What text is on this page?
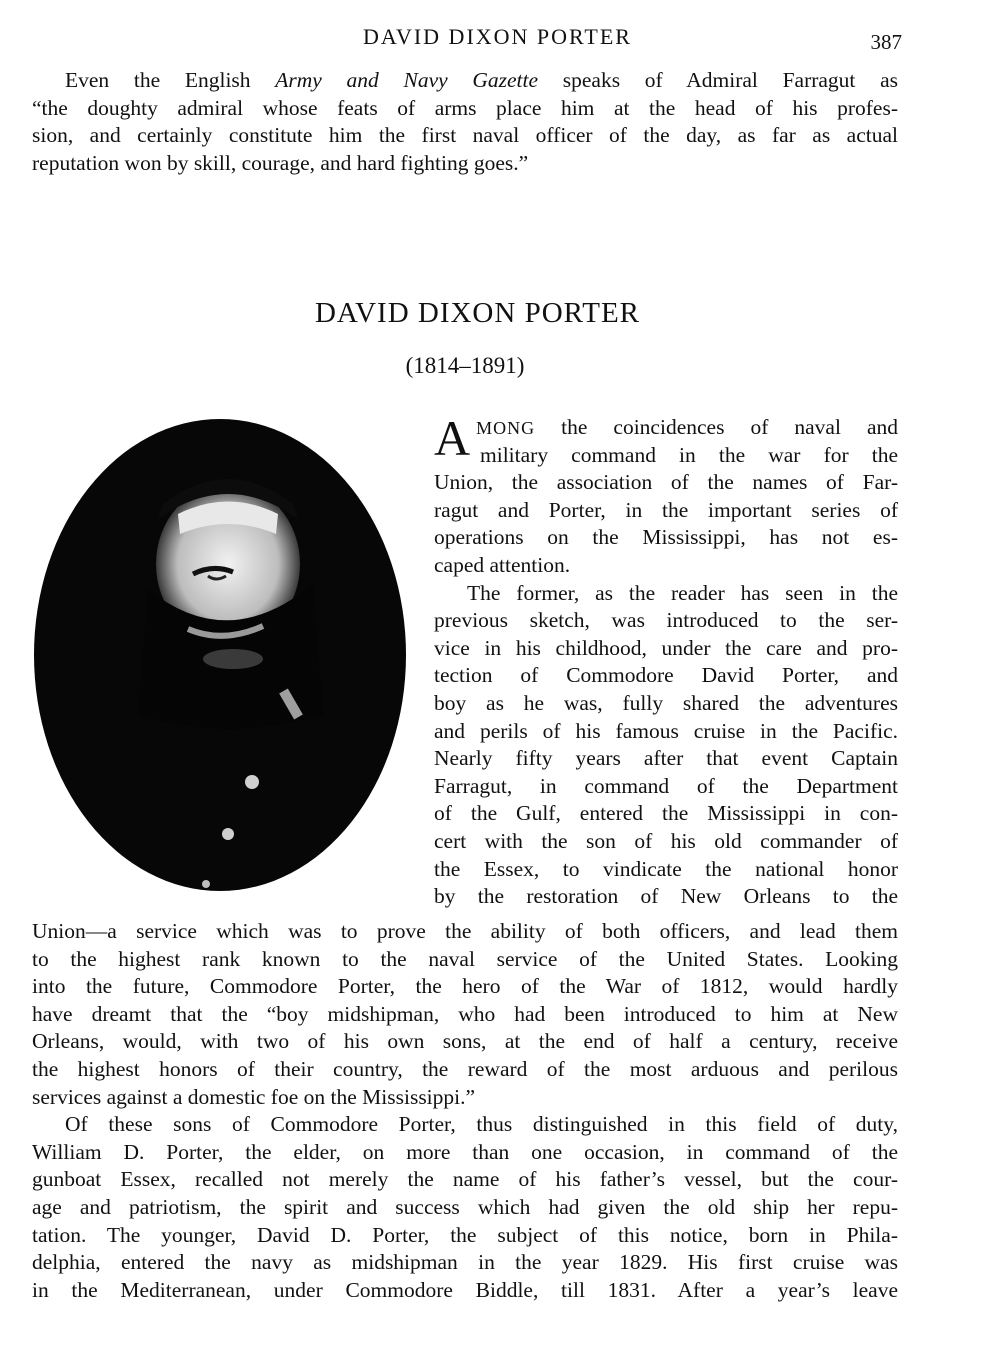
DAVID DIXON PORTER	387
Even the English Army and Navy Gazette speaks of Admiral Farragut as
“the doughty admiral whose feats of arms place him at the head of his profes-
sion, and certainly constitute him the first naval officer of the day, as far as actual
reputation won by skill, courage, and hard fighting goes.”
DAVID DIXON PORTER
(1814–1891)
AMONG the coincidences of naval and
military command in the war for the
Union, the association of the names of Far-
ragut and Porter, in the important series of
operations on the Mississippi, has not es-
caped attention.
The former, as the reader has seen in the
previous sketch, was introduced to the ser-
vice in his childhood, under the care and pro-
tection of Commodore David Porter, and
boy as he was, fully shared the adventures
and perils of his famous cruise in the Pacific.
Nearly fifty years after that event Captain
Farragut, in command of the Department
of the Gulf, entered the Mississippi in con-
cert with the son of his old commander of
the Essex, to vindicate the national honor
by the restoration of New Orleans to the
Union—a service which was to prove the ability of both officers, and lead them
to the highest rank known to the naval service of the United States. Looking
into the future, Commodore Porter, the hero of the War of 1812, would hardly
have dreamt that the “boy midshipman, who had been introduced to him at New
Orleans, would, with two of his own sons, at the end of half a century, receive
the highest honors of their country, the reward of the most arduous and perilous
services against a domestic foe on the Mississippi.”
Of these sons of Commodore Porter, thus distinguished in this field of duty,
William D. Porter, the elder, on more than one occasion, in command of the
gunboat Essex, recalled not merely the name of his father’s vessel, but the cour-
age and patriotism, the spirit and success which had given the old ship her repu-
tation. The younger, David D. Porter, the subject of this notice, born in Phila-
delphia, entered the navy as midshipman in the year 1829. His first cruise was
in the Mediterranean, under Commodore Biddle, till 1831. After a year’s leave
